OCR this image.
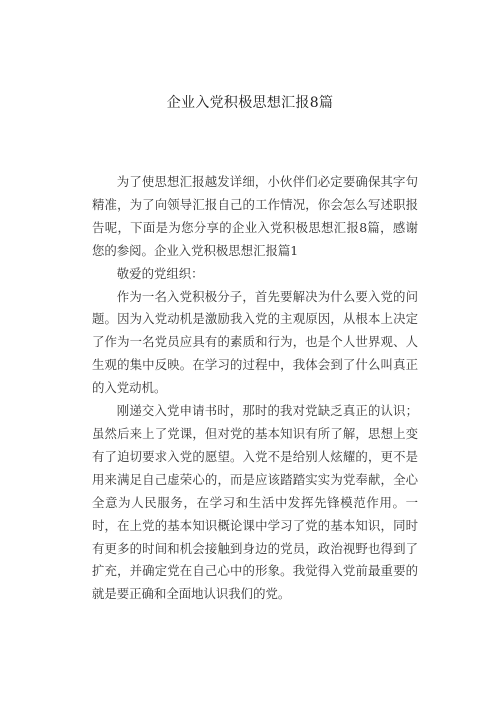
企业入党积极思想汇报8篇

为了使思想汇报越发详细，小伙伴们必定要确保其字句精准，为了向领导汇报自己的工作情况，你会怎么写述职报告呢，下面是为您分享的企业入党积极思想汇报8篇，感谢您的参阅。企业入党积极思想汇报篇1

敬爱的党组织：

作为一名入党积极分子，首先要解决为什么要入党的问题。因为入党动机是激励我入党的主观原因，从根本上决定了作为一名党员应具有的素质和行为，也是个人世界观、人生观的集中反映。在学习的过程中，我体会到了什么叫真正的入党动机。

刚递交入党申请书时，那时的我对党缺乏真正的认识；虽然后来上了党课，但对党的基本知识有所了解，思想上变有了迫切要求入党的愿望。入党不是给别人炫耀的，更不是用来满足自己虚荣心的，而是应该踏踏实实为党奉献，全心全意为人民服务，在学习和生活中发挥先锋模范作用。一时，在上党的基本知识概论课中学习了党的基本知识，同时有更多的时间和机会接触到身边的党员，政治视野也得到了扩充，并确定党在自己心中的形象。我觉得入党前最重要的就是要正确和全面地认识我们的党。
